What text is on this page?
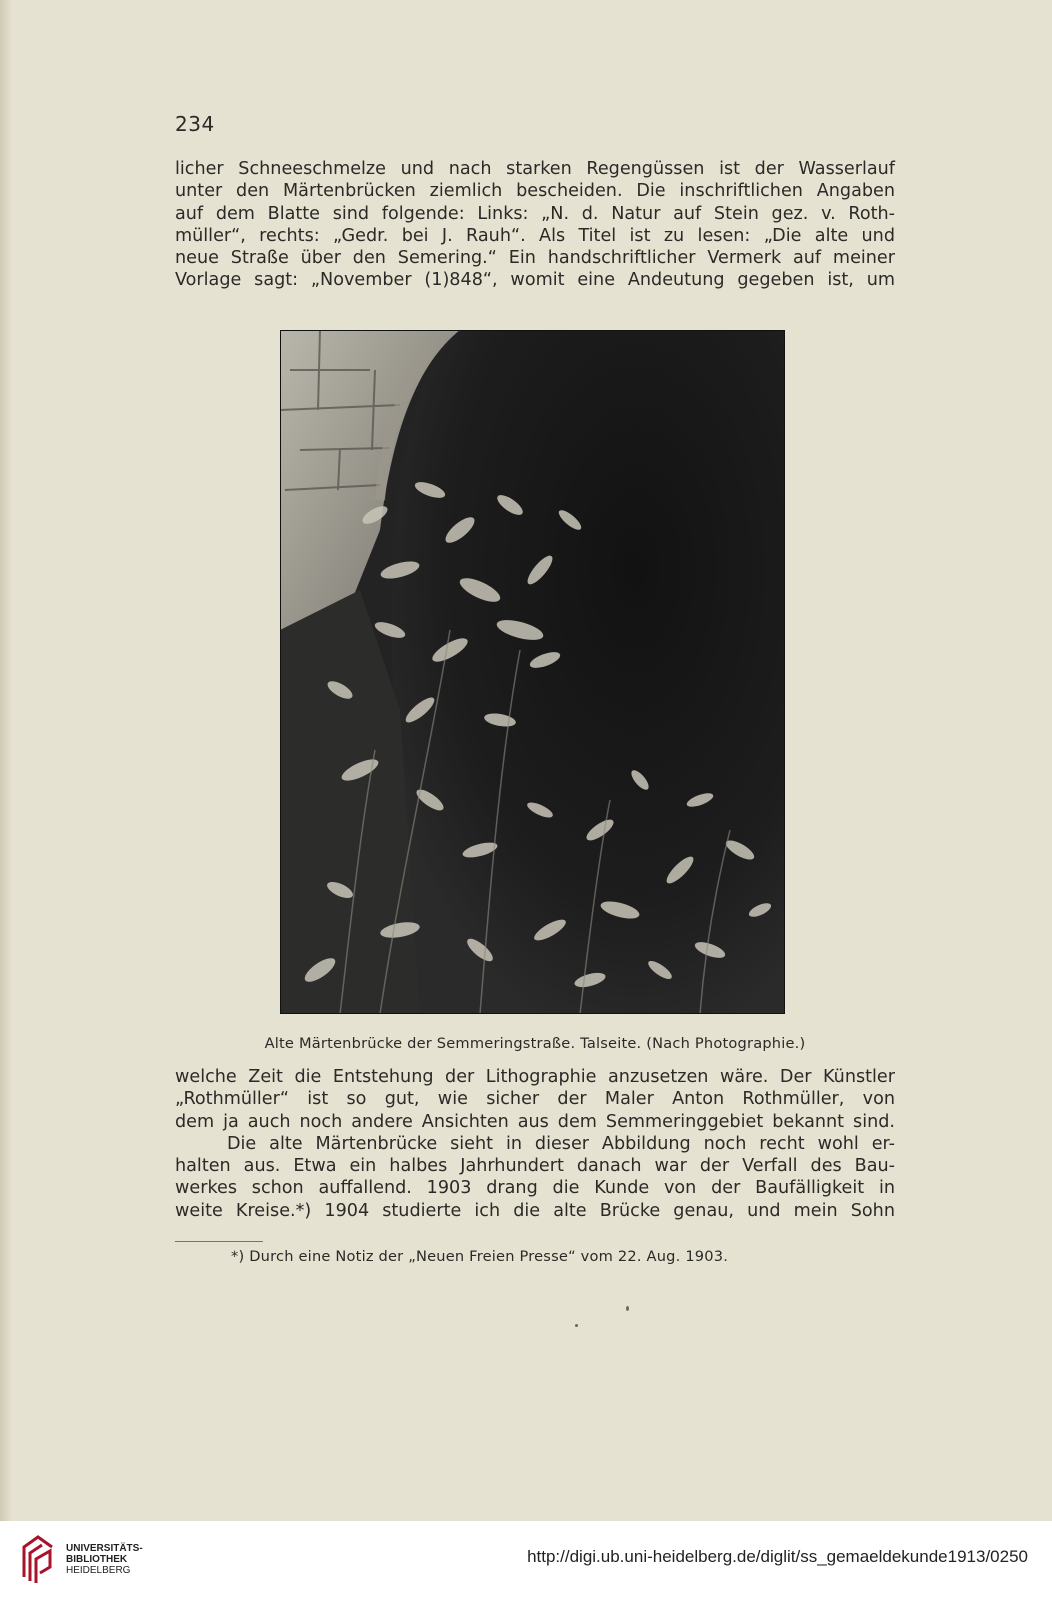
234
licher Schneeschmelze und nach starken Regengüssen ist der Wasserlauf
unter den Märtenbrücken ziemlich bescheiden. Die inschriftlichen Angaben
auf dem Blatte sind folgende: Links: „N. d. Natur auf Stein gez. v. Roth-
müller“, rechts: „Gedr. bei J. Rauh“. Als Titel ist zu lesen: „Die alte und
neue Straße über den Semering.“ Ein handschriftlicher Vermerk auf meiner
Vorlage sagt: „November (1)848“, womit eine Andeutung gegeben ist, um
Alte Märtenbrücke der Semmeringstraße. Talseite. (Nach Photographie.)
welche Zeit die Entstehung der Lithographie anzusetzen wäre. Der Künstler
„Rothmüller“ ist so gut, wie sicher der Maler Anton Rothmüller, von
dem ja auch noch andere Ansichten aus dem Semmeringgebiet bekannt sind.
Die alte Märtenbrücke sieht in dieser Abbildung noch recht wohl er-
halten aus. Etwa ein halbes Jahrhundert danach war der Verfall des Bau-
werkes schon auffallend. 1903 drang die Kunde von der Baufälligkeit in
weite Kreise.*) 1904 studierte ich die alte Brücke genau, und mein Sohn
*) Durch eine Notiz der „Neuen Freien Presse“ vom 22. Aug. 1903.
UNIVERSITÄTS-
BIBLIOTHEK
HEIDELBERG
http://digi.ub.uni-heidelberg.de/diglit/ss_gemaeldekunde1913/0250
